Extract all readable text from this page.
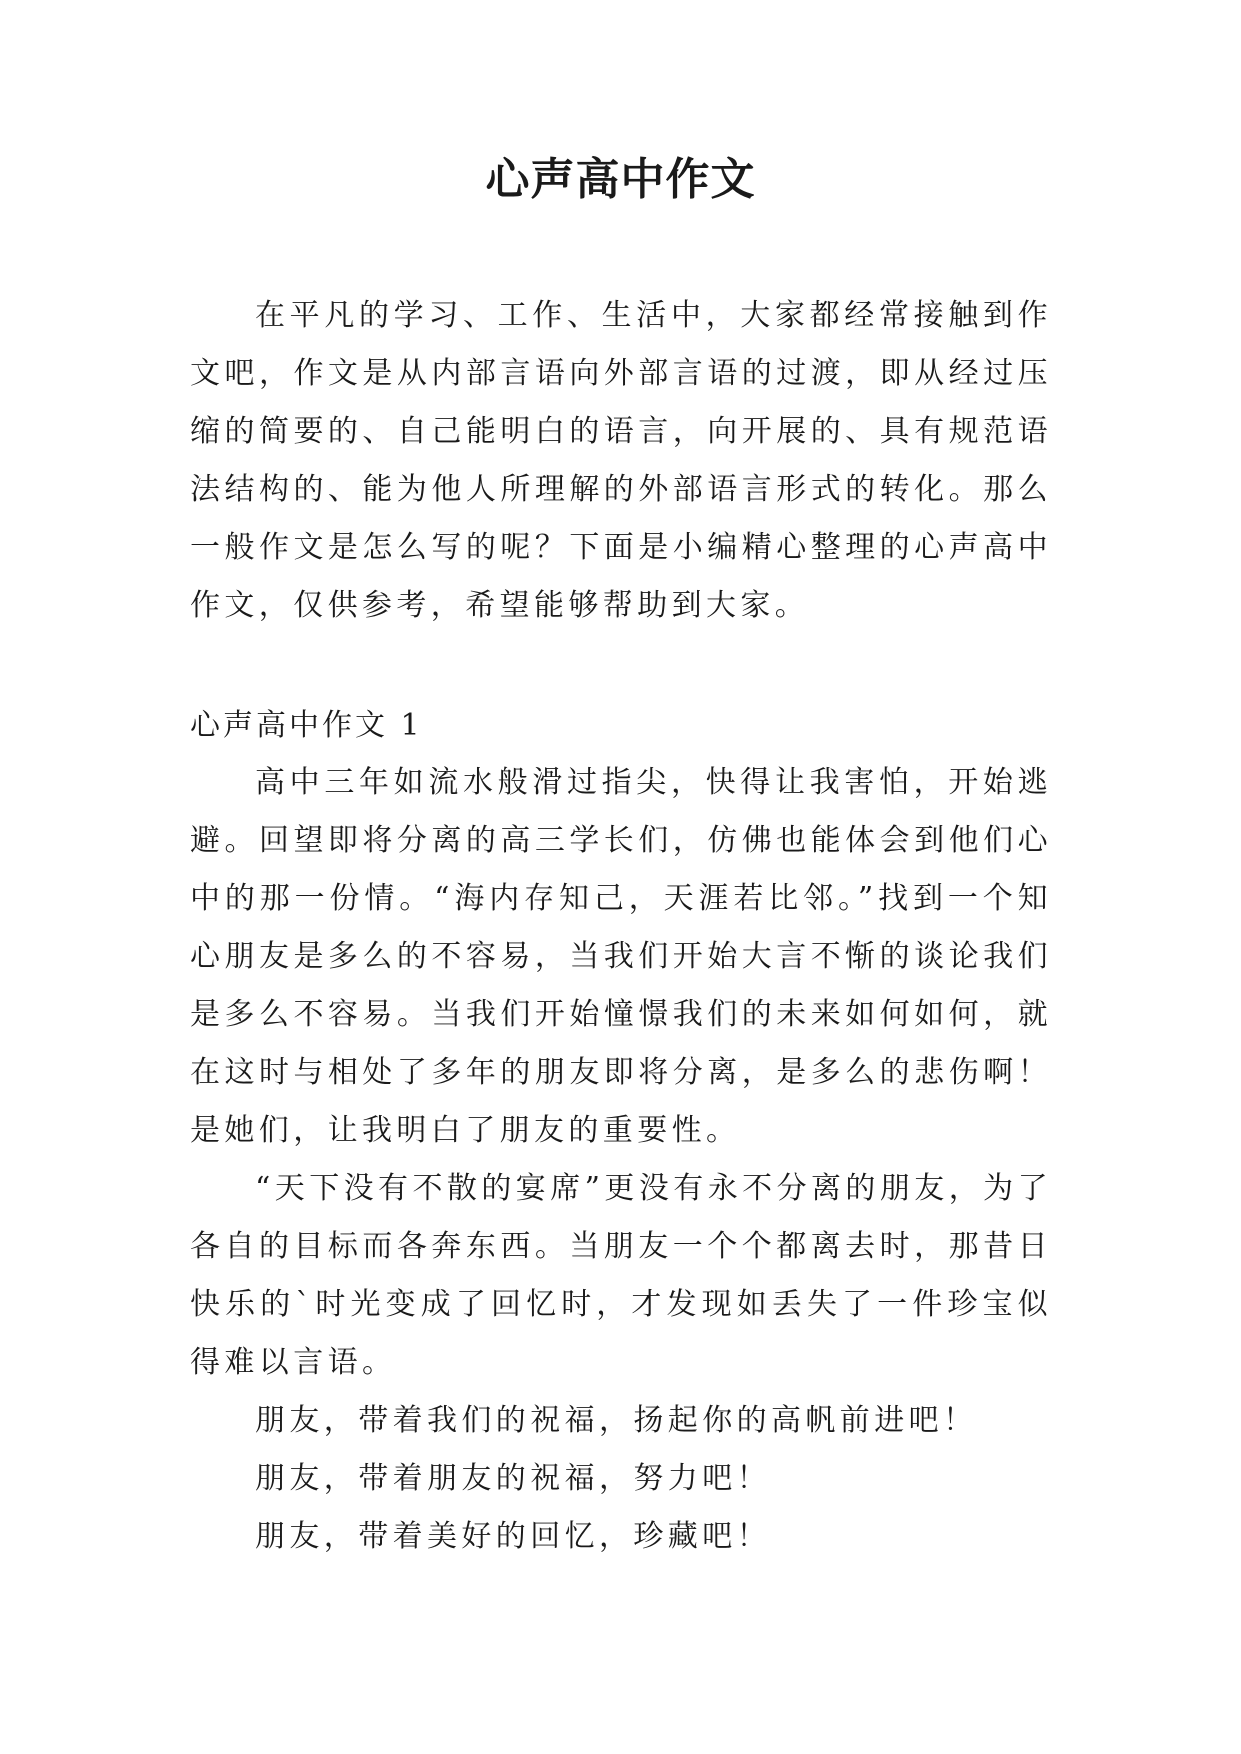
心声高中作文

在平凡的学习、工作、生活中，大家都经常接触到作文吧，作文是从内部言语向外部言语的过渡，即从经过压缩的简要的、自己能明白的语言，向开展的、具有规范语法结构的、能为他人所理解的外部语言形式的转化。那么一般作文是怎么写的呢？下面是小编精心整理的心声高中作文，仅供参考，希望能够帮助到大家。

心声高中作文 1

高中三年如流水般滑过指尖，快得让我害怕，开始逃避。回望即将分离的高三学长们，仿佛也能体会到他们心中的那一份情。“海内存知己，天涯若比邻。”找到一个知心朋友是多么的不容易，当我们开始大言不惭的谈论我们是多么不容易。当我们开始憧憬我们的未来如何如何，就在这时与相处了多年的朋友即将分离，是多么的悲伤啊！是她们，让我明白了朋友的重要性。

“天下没有不散的宴席”更没有永不分离的朋友，为了各自的目标而各奔东西。当朋友一个个都离去时，那昔日快乐的`时光变成了回忆时，才发现如丢失了一件珍宝似得难以言语。

朋友，带着我们的祝福，扬起你的高帆前进吧！

朋友，带着朋友的祝福，努力吧！

朋友，带着美好的回忆，珍藏吧！
